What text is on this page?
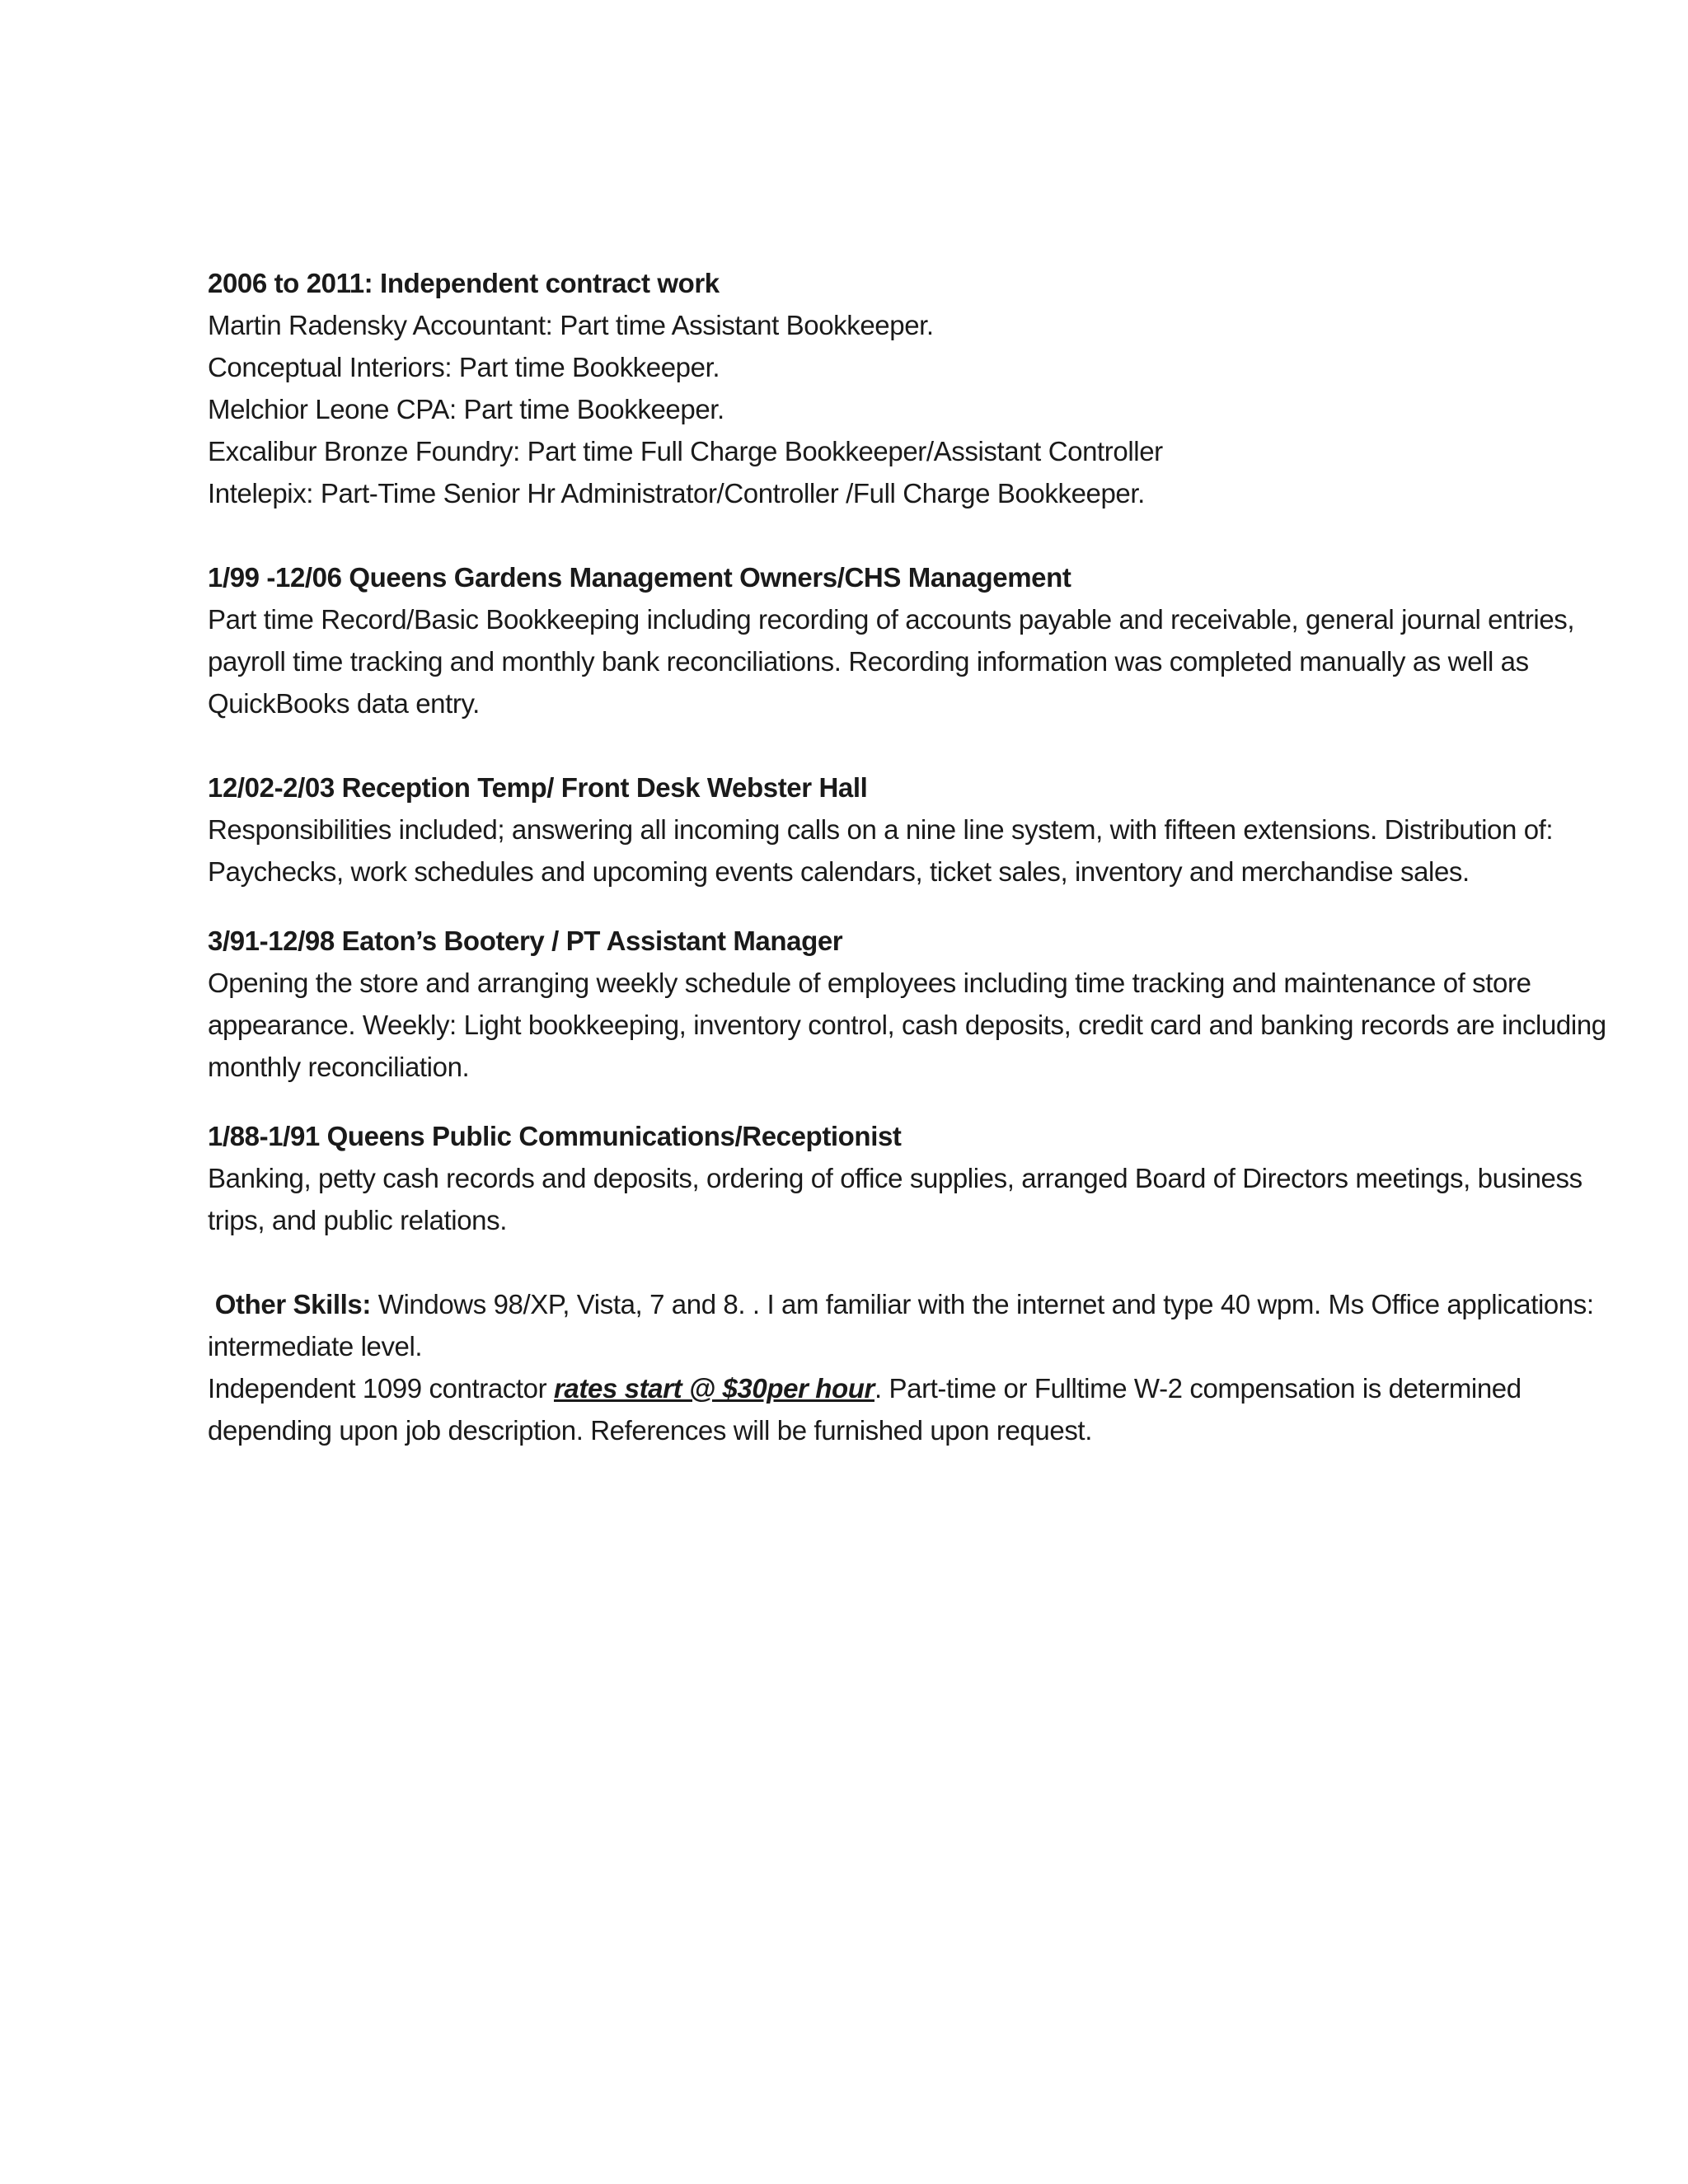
2006 to 2011: Independent contract work
Martin Radensky Accountant: Part time Assistant Bookkeeper.
Conceptual Interiors: Part time Bookkeeper.
Melchior Leone CPA: Part time Bookkeeper.
Excalibur Bronze Foundry: Part time Full Charge Bookkeeper/Assistant Controller
Intelepix: Part-Time Senior Hr Administrator/Controller /Full Charge Bookkeeper.
1/99 -12/06 Queens Gardens Management Owners/CHS Management
Part time Record/Basic Bookkeeping including recording of accounts payable and receivable, general journal entries, payroll time tracking and monthly bank reconciliations. Recording information was completed manually as well as QuickBooks data entry.
12/02-2/03 Reception Temp/ Front Desk Webster Hall
Responsibilities included; answering all incoming calls on a nine line system, with fifteen extensions. Distribution of: Paychecks, work schedules and upcoming events calendars, ticket sales, inventory and merchandise sales.
3/91-12/98 Eaton’s Bootery / PT Assistant Manager
Opening the store and arranging weekly schedule of employees including time tracking and maintenance of store appearance. Weekly: Light bookkeeping, inventory control, cash deposits, credit card and banking records are including monthly reconciliation.
1/88-1/91 Queens Public Communications/Receptionist
Banking, petty cash records and deposits, ordering of office supplies, arranged Board of Directors meetings, business trips, and public relations.
Other Skills: Windows 98/XP, Vista, 7 and 8. . I am familiar with the internet and type 40 wpm. Ms Office applications: intermediate level.
Independent 1099 contractor rates start @ $30per hour. Part-time or Fulltime W-2 compensation is determined depending upon job description. References will be furnished upon request.
